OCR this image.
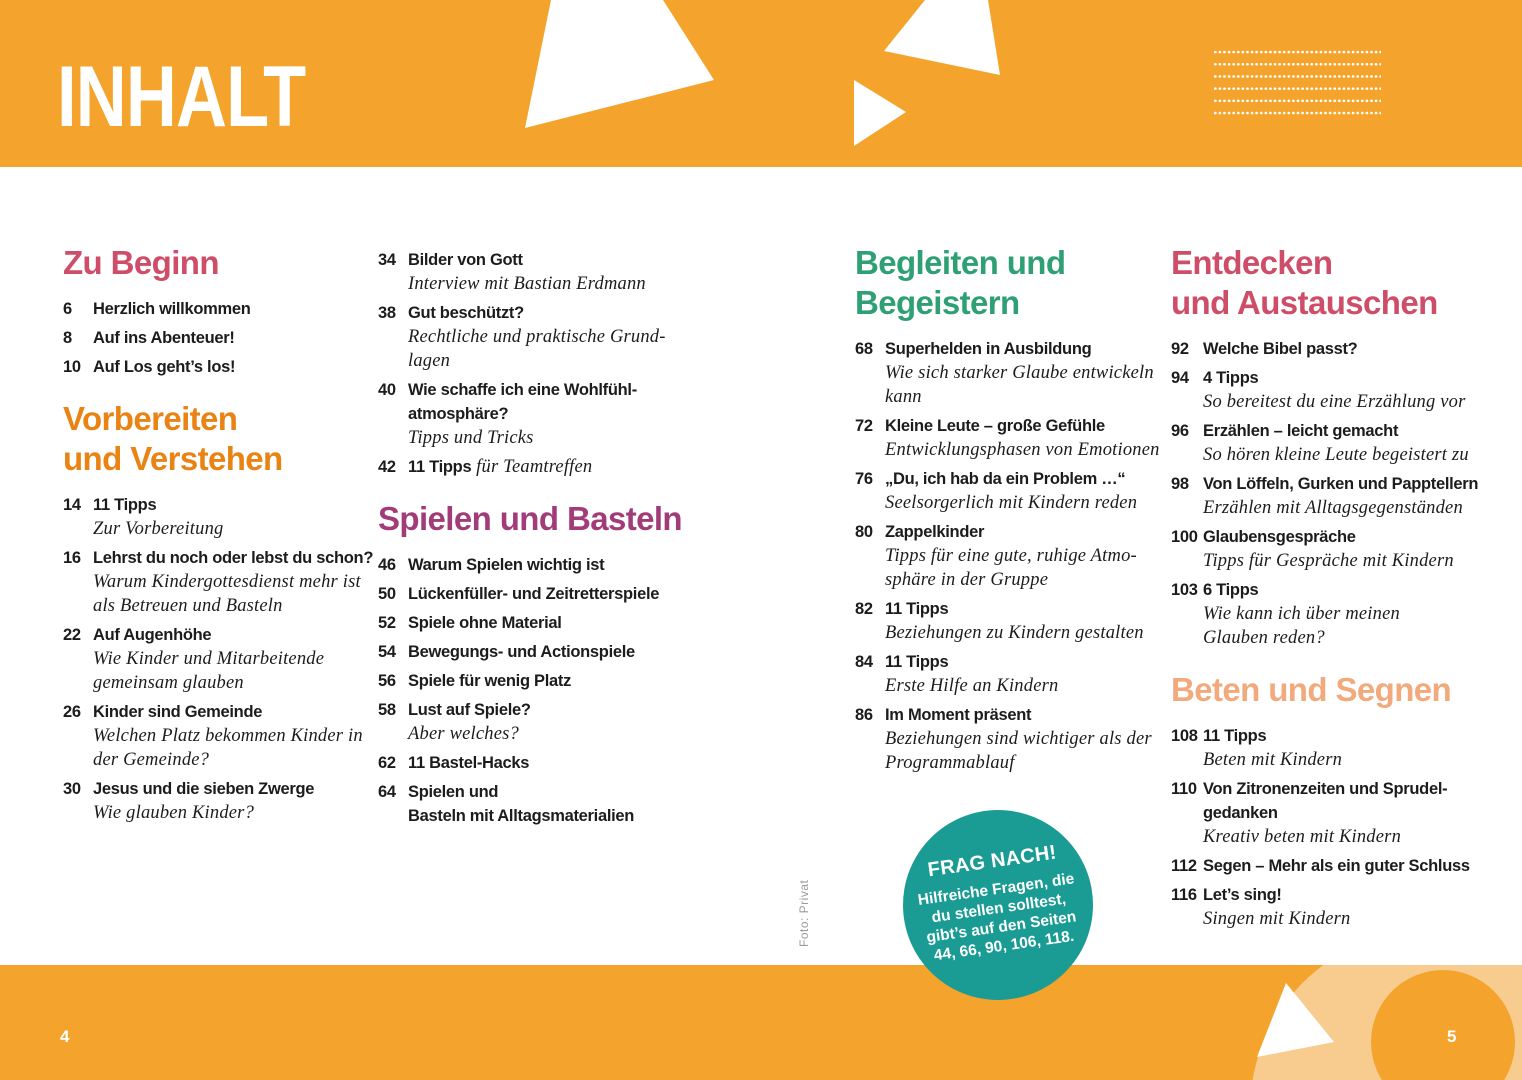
INHALT
Zu Beginn
6	Herzlich willkommen
8	Auf ins Abenteuer!
10 Auf Los geht’s los!
Vorbereiten
und Verstehen
14 11 Tipps
Zur Vorbereitung
16 Lehrst du noch oder lebst du schon?
Warum Kindergottesdienst mehr ist
als Betreuen und Basteln
22 Auf Augenhöhe
Wie Kinder und Mitarbeitende
gemeinsam glauben
26 Kinder sind Gemeinde
Welchen Platz bekommen Kinder in
der Gemeinde?
30 Jesus und die sieben Zwerge
Wie glauben Kinder?
34 Bilder von Gott
Interview mit Bastian Erdmann
38 Gut beschützt?
Rechtliche und praktische Grund-
lagen
40 Wie schaffe ich eine Wohlfühl-
atmosphäre?
Tipps und Tricks
42 11 Tipps für Teamtreffen
Spielen und Basteln
46 Warum Spielen wichtig ist
50 Lückenfüller- und Zeitretterspiele
52 Spiele ohne Material
54 Bewegungs- und Actionspiele
56 Spiele für wenig Platz
58 Lust auf Spiele?
Aber welches?
62 11 Bastel-Hacks
64 Spielen und
Basteln mit Alltagsmaterialien
Begleiten und
Begeistern
68 Superhelden in Ausbildung
Wie sich starker Glaube entwickeln
kann
72 Kleine Leute – große Gefühle
Entwicklungsphasen von Emotionen
76 „Du, ich hab da ein Problem …“
Seelsorgerlich mit Kindern reden
80 Zappelkinder
Tipps für eine gute, ruhige Atmo-
sphäre in der Gruppe
82 11 Tipps
Beziehungen zu Kindern gestalten
84 11 Tipps
Erste Hilfe an Kindern
86 Im Moment präsent
Beziehungen sind wichtiger als der
Programmablauf
Entdecken
und Austauschen
92 Welche Bibel passt?
94 4 Tipps
So bereitest du eine Erzählung vor
96 Erzählen – leicht gemacht
So hören kleine Leute begeistert zu
98 Von Löffeln, Gurken und Papptellern
Erzählen mit Alltagsgegenständen
100 Glaubensgespräche
Tipps für Gespräche mit Kindern
103 6 Tipps
Wie kann ich über meinen
Glauben reden?
Beten und Segnen
108 11 Tipps
Beten mit Kindern
110 Von Zitronenzeiten und Sprudel-
gedanken
Kreativ beten mit Kindern
112 Segen – Mehr als ein guter Schluss
116 Let’s sing!
Singen mit Kindern
Foto: Privat
FRAG NACH!
Hilfreiche Fragen, die du stellen solltest, gibt’s auf den Seiten 44, 66, 90, 106, 118.
4	5
